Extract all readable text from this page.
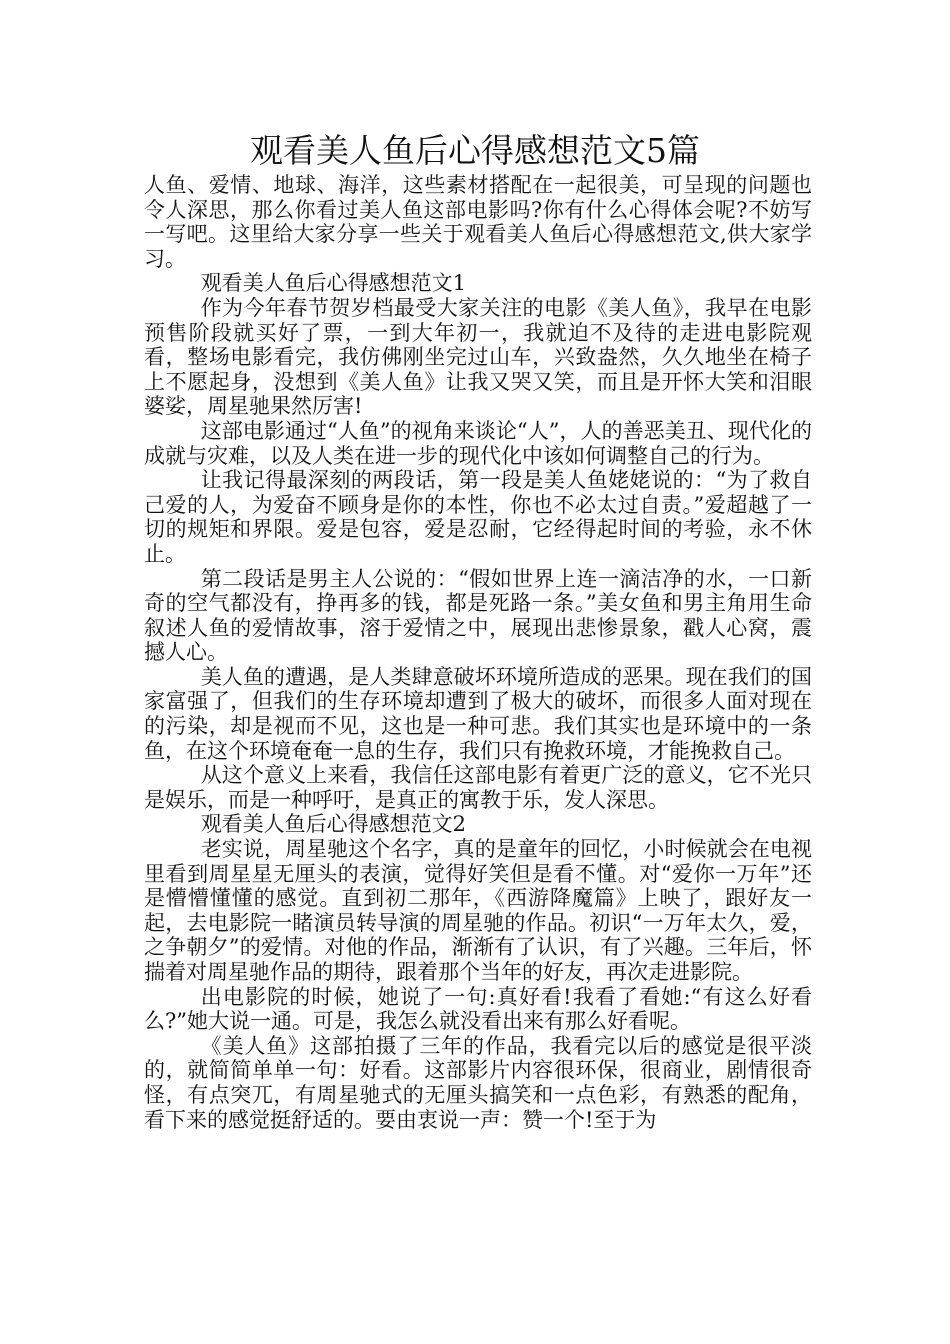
观看美人鱼后心得感想范文5篇

人鱼、爱情、地球、海洋，这些素材搭配在一起很美，可呈现的问题也令人深思，那么你看过美人鱼这部电影吗?你有什么心得体会呢?不妨写一写吧。这里给大家分享一些关于观看美人鱼后心得感想范文,供大家学习。

观看美人鱼后心得感想范文1

作为今年春节贺岁档最受大家关注的电影《美人鱼》，我早在电影预售阶段就买好了票，一到大年初一，我就迫不及待的走进电影院观看，整场电影看完，我仿佛刚坐完过山车，兴致盎然，久久地坐在椅子上不愿起身，没想到《美人鱼》让我又哭又笑，而且是开怀大笑和泪眼婆娑，周星驰果然厉害!

这部电影通过“人鱼”的视角来谈论“人”，人的善恶美丑、现代化的成就与灾难，以及人类在进一步的现代化中该如何调整自己的行为。

让我记得最深刻的两段话，第一段是美人鱼姥姥说的：“为了救自己爱的人，为爱奋不顾身是你的本性，你也不必太过自责。”爱超越了一切的规矩和界限。爱是包容，爱是忍耐，它经得起时间的考验，永不休止。

第二段话是男主人公说的：“假如世界上连一滴洁净的水，一口新奇的空气都没有，挣再多的钱，都是死路一条。”美女鱼和男主角用生命叙述人鱼的爱情故事，溶于爱情之中，展现出悲惨景象，戳人心窝，震撼人心。

美人鱼的遭遇，是人类肆意破坏环境所造成的恶果。现在我们的国家富强了，但我们的生存环境却遭到了极大的破坏，而很多人面对现在的污染，却是视而不见，这也是一种可悲。我们其实也是环境中的一条鱼，在这个环境奄奄一息的生存，我们只有挽救环境，才能挽救自己。

从这个意义上来看，我信任这部电影有着更广泛的意义，它不光只是娱乐，而是一种呼吁，是真正的寓教于乐，发人深思。

观看美人鱼后心得感想范文2

老实说，周星驰这个名字，真的是童年的回忆，小时候就会在电视里看到周星星无厘头的表演，觉得好笑但是看不懂。对“爱你一万年”还是懵懵懂懂的感觉。直到初二那年，《西游降魔篇》上映了，跟好友一起，去电影院一睹演员转导演的周星驰的作品。初识“一万年太久，爱，之争朝夕”的爱情。对他的作品，渐渐有了认识，有了兴趣。三年后，怀揣着对周星驰作品的期待，跟着那个当年的好友，再次走进影院。

出电影院的时候，她说了一句:真好看!我看了看她:“有这么好看么?”她大说一通。可是，我怎么就没看出来有那么好看呢。

《美人鱼》这部拍摄了三年的作品，我看完以后的感觉是很平淡的，就简简单单一句：好看。这部影片内容很环保，很商业，剧情很奇怪，有点突兀，有周星驰式的无厘头搞笑和一点色彩，有熟悉的配角，看下来的感觉挺舒适的。要由衷说一声：赞一个!至于为
